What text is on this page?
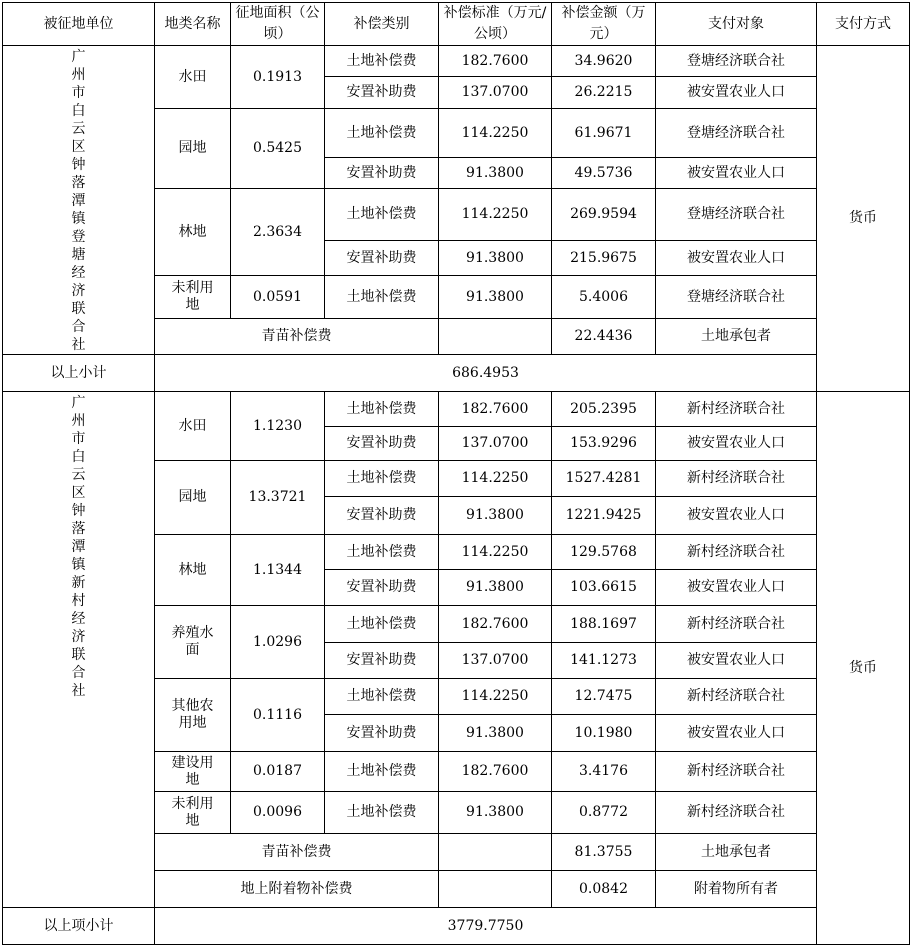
被征地单位	地类名称	征地面积（公顷）	补偿类别	补偿标准（万元/公顷）	补偿金额（万元）	支付对象	支付方式
广州市白云区钟落潭镇登塘经济联合社	水田	0.1913	土地补偿费	182.7600	34.9620	登塘经济联合社	货币
			安置补助费	137.0700	26.2215	被安置农业人口	
	园地	0.5425	土地补偿费	114.2250	61.9671	登塘经济联合社	
			安置补助费	91.3800	49.5736	被安置农业人口	
	林地	2.3634	土地补偿费	114.2250	269.9594	登塘经济联合社	
			安置补助费	91.3800	215.9675	被安置农业人口	
	未利用地	0.0591	土地补偿费	91.3800	5.4006	登塘经济联合社	
	青苗补偿费				22.4436	土地承包者	
以上小计	686.4953						
广州市白云区钟落潭镇新村经济联合社	水田	1.1230	土地补偿费	182.7600	205.2395	新村经济联合社	货币
			安置补助费	137.0700	153.9296	被安置农业人口	
	园地	13.3721	土地补偿费	114.2250	1527.4281	新村经济联合社	
			安置补助费	91.3800	1221.9425	被安置农业人口	
	林地	1.1344	土地补偿费	114.2250	129.5768	新村经济联合社	
			安置补助费	91.3800	103.6615	被安置农业人口	
	养殖水面	1.0296	土地补偿费	182.7600	188.1697	新村经济联合社	
			安置补助费	137.0700	141.1273	被安置农业人口	
	其他农用地	0.1116	土地补偿费	114.2250	12.7475	新村经济联合社	
			安置补助费	91.3800	10.1980	被安置农业人口	
	建设用地	0.0187	土地补偿费	182.7600	3.4176	新村经济联合社	
	未利用地	0.0096	土地补偿费	91.3800	0.8772	新村经济联合社	
	青苗补偿费				81.3755	土地承包者	
	地上附着物补偿费				0.0842	附着物所有者	
以上项小计	3779.7750						
